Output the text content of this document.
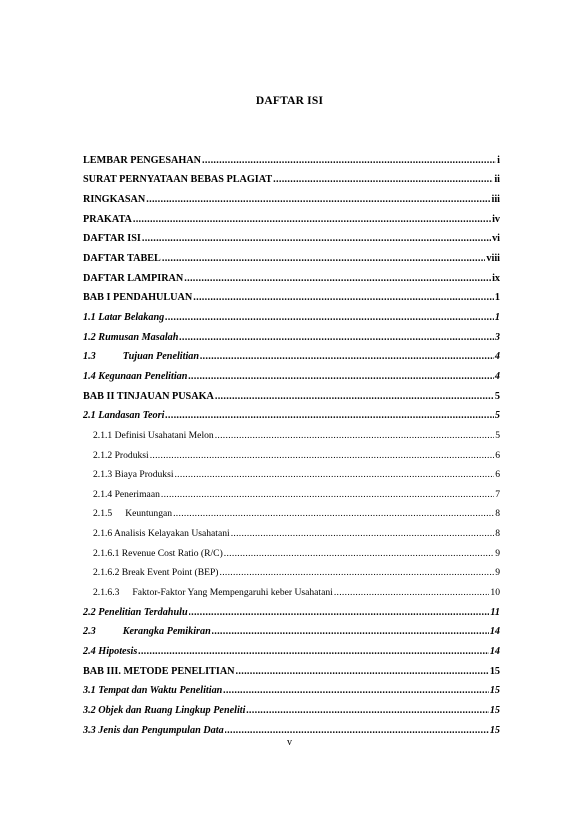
DAFTAR ISI
LEMBAR PENGESAHAN .....	i
SURAT PERNYATAAN BEBAS PLAGIAT .....	ii
RINGKASAN .....	iii
PRAKATA .....	iv
DAFTAR ISI .....	vi
DAFTAR TABEL .....	viii
DAFTAR LAMPIRAN .....	ix
BAB I PENDAHULUAN .....	1
1.1 Latar Belakang .....	1
1.2 Rumusan Masalah .....	3
1.3	Tujuan Penelitian .....	4
1.4 Kegunaan Penelitian .....	4
BAB II TINJAUAN PUSAKA .....	5
2.1 Landasan Teori .....	5
2.1.1 Definisi Usahatani Melon .....	5
2.1.2 Produksi .....	6
2.1.3 Biaya Produksi .....	6
2.1.4 Penerimaan .....	7
2.1.5 Keuntungan .....	8
2.1.6 Analisis Kelayakan Usahatani .....	8
2.1.6.1 Revenue Cost Ratio (R/C) .....	9
2.1.6.2 Break Event Point (BEP) .....	9
2.1.6.3 Faktor-Faktor Yang Mempengaruhi keber Usahatani .....	10
2.2 Penelitian Terdahulu .....	11
2.3	Kerangka Pemikiran .....	14
2.4 Hipotesis .....	14
BAB III. METODE PENELITIAN .....	15
3.1 Tempat dan Waktu Penelitian .....	15
3.2 Objek dan Ruang Lingkup Peneliti .....	15
3.3 Jenis dan Pengumpulan Data .....	15
v
